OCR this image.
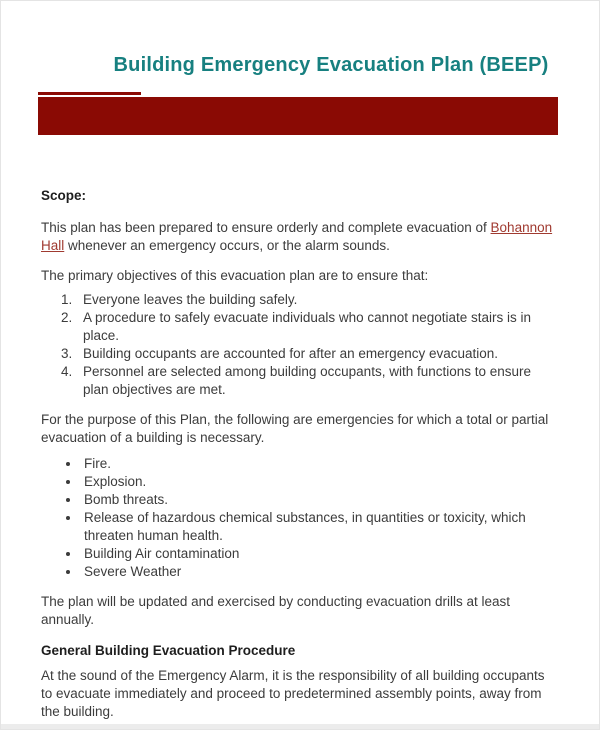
Building Emergency Evacuation Plan (BEEP)
Scope:

This plan has been prepared to ensure orderly and complete evacuation of Bohannon Hall whenever an emergency occurs, or the alarm sounds.

The primary objectives of this evacuation plan are to ensure that:

1. Everyone leaves the building safely.
2. A procedure to safely evacuate individuals who cannot negotiate stairs is in place.
3. Building occupants are accounted for after an emergency evacuation.
4. Personnel are selected among building occupants, with functions to ensure plan objectives are met.

For the purpose of this Plan, the following are emergencies for which a total or partial evacuation of a building is necessary.

• Fire.
• Explosion.
• Bomb threats.
• Release of hazardous chemical substances, in quantities or toxicity, which threaten human health.
• Building Air contamination
• Severe Weather

The plan will be updated and exercised by conducting evacuation drills at least annually.

General Building Evacuation Procedure

At the sound of the Emergency Alarm, it is the responsibility of all building occupants to evacuate immediately and proceed to predetermined assembly points, away from the building.
